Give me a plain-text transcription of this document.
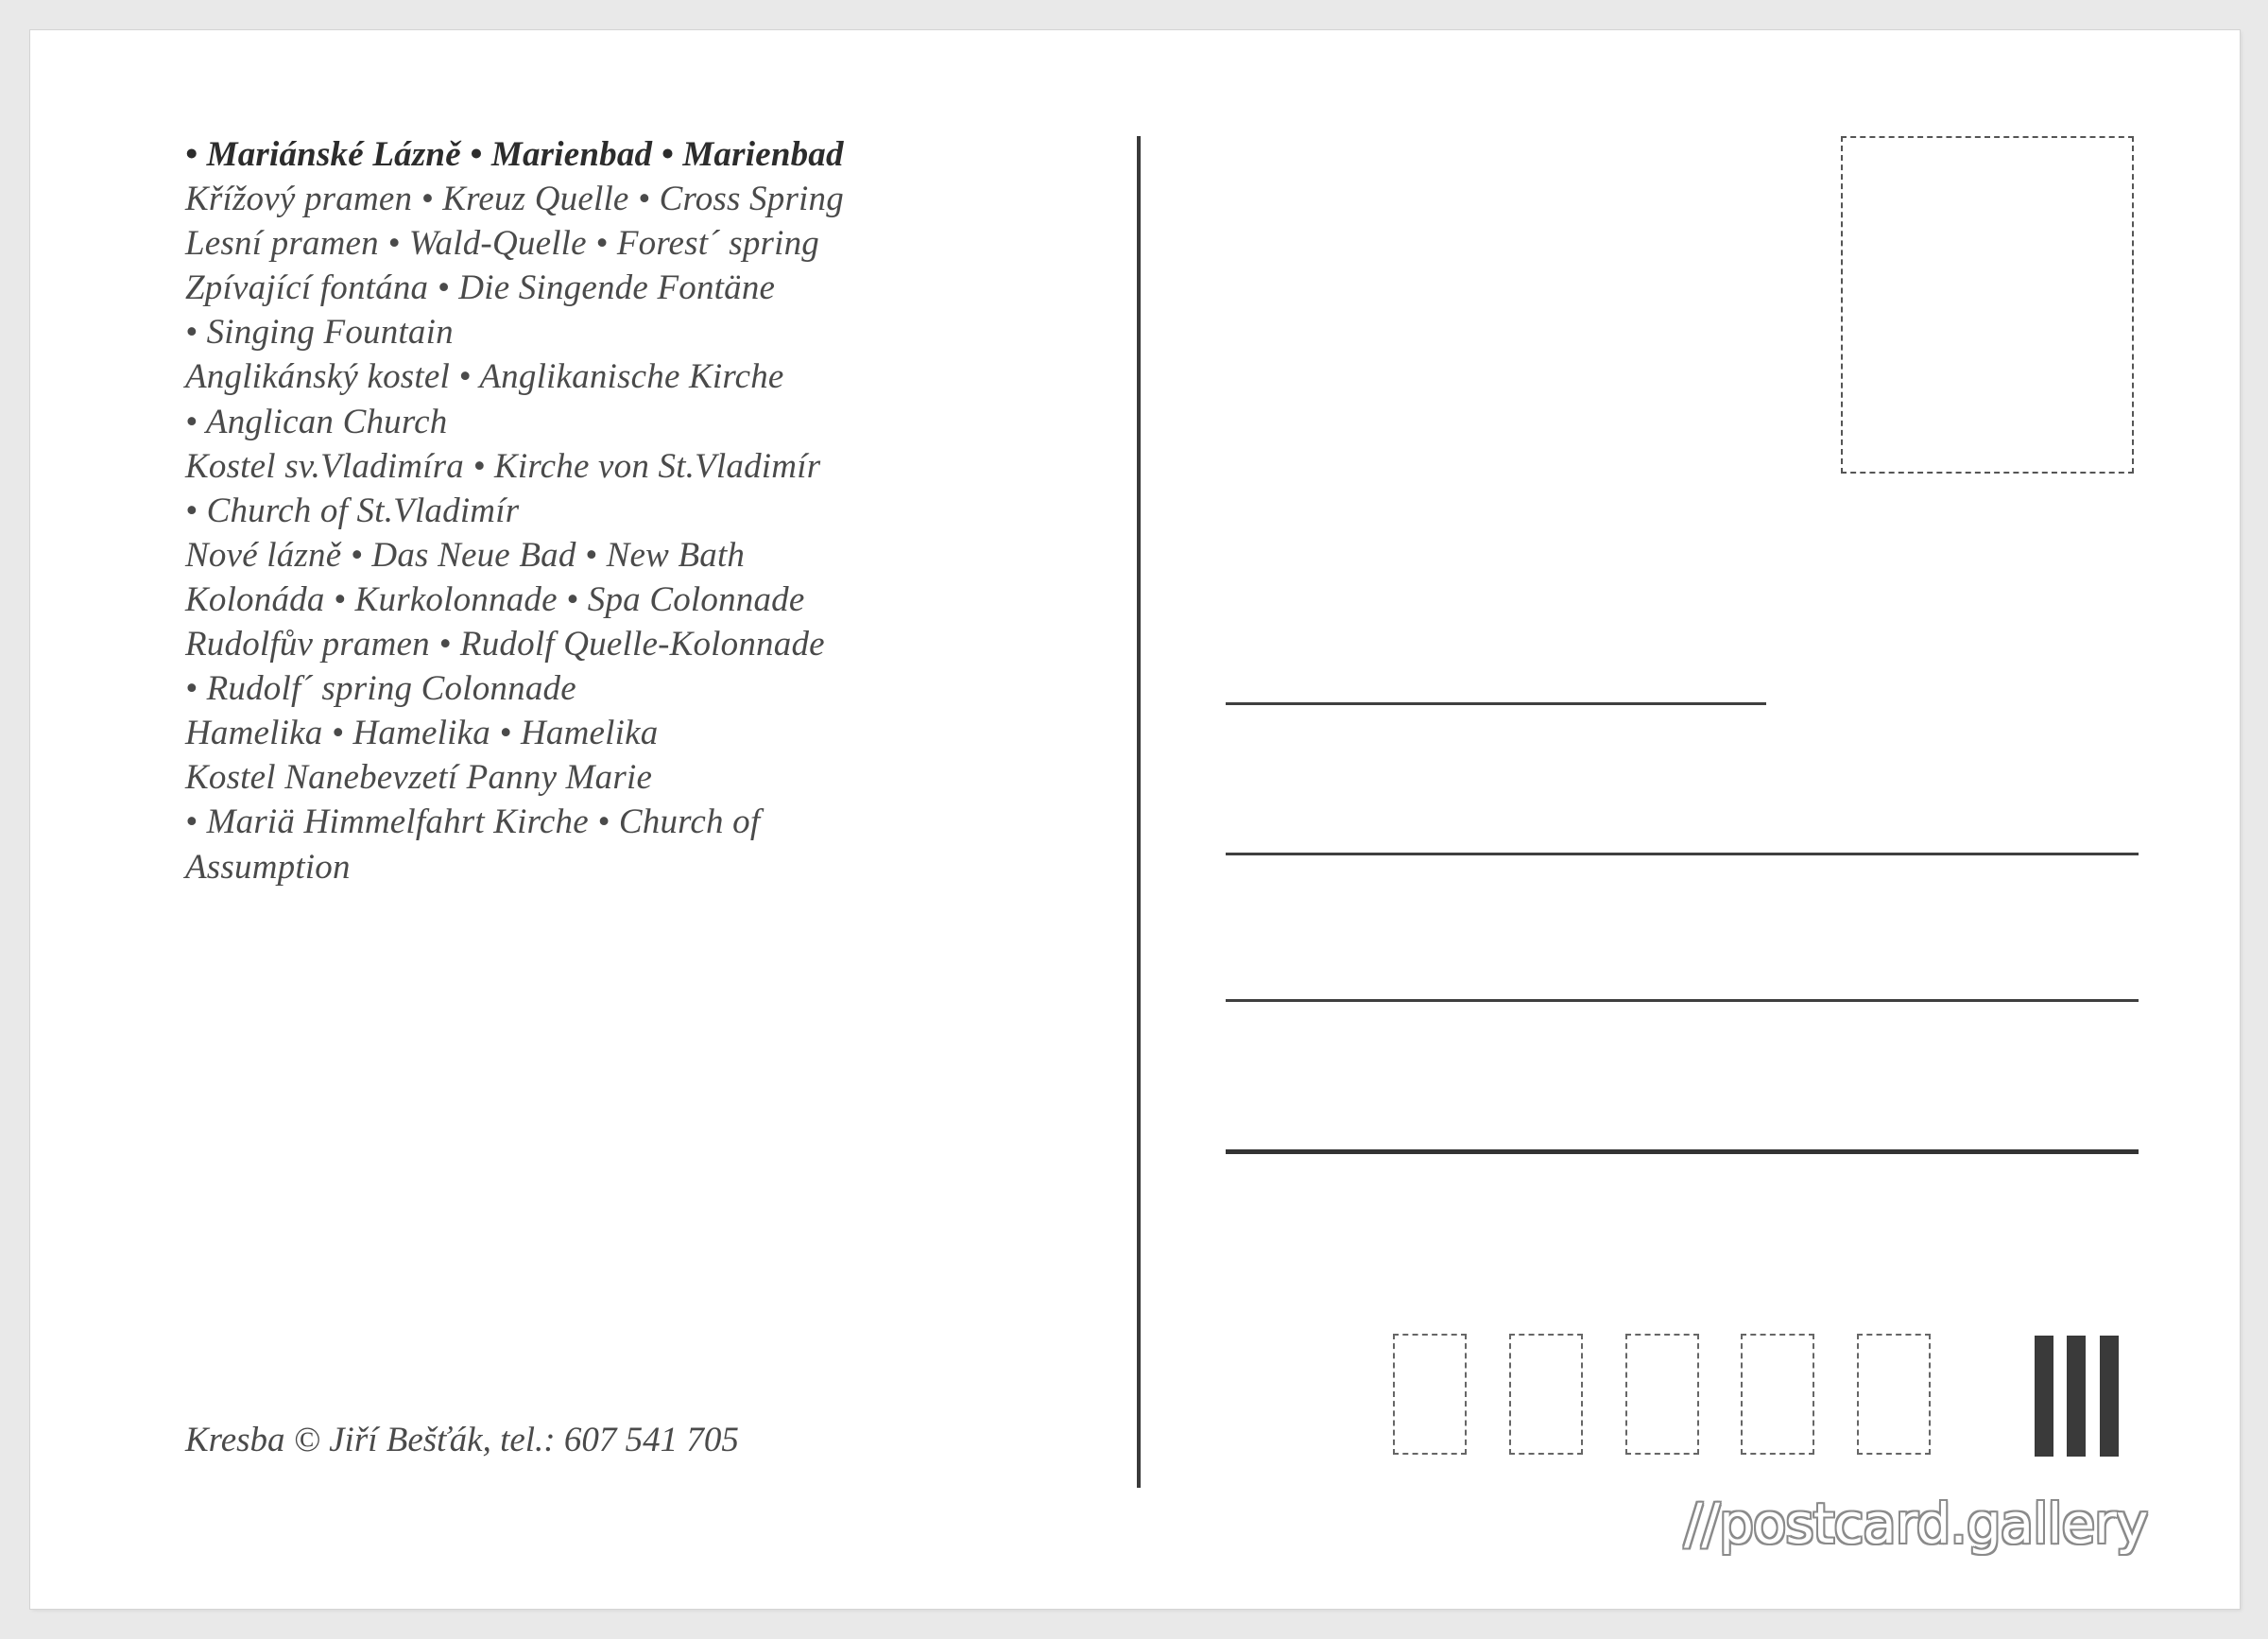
• Mariánské Lázně • Marienbad • Marienbad
Křížový pramen • Kreuz Quelle • Cross Spring
Lesní pramen • Wald-Quelle • Forest´ spring
Zpívající fontána • Die Singende Fontäne
• Singing Fountain
Anglikánský kostel • Anglikanische Kirche
• Anglican Church
Kostel sv.Vladimíra • Kirche von St.Vladimír
• Church of St.Vladimír
Nové lázně • Das Neue Bad • New Bath
Kolonáda • Kurkolonnade • Spa Colonnade
Rudolfův pramen • Rudolf Quelle-Kolonnade
• Rudolf´ spring Colonnade
Hamelika • Hamelika • Hamelika
Kostel Nanebevzetí Panny Marie
• Mariä Himmelfahrt Kirche • Church of
Assumption
Kresba © Jiří Bešťák, tel.: 607 541 705
//postcard.gallery
